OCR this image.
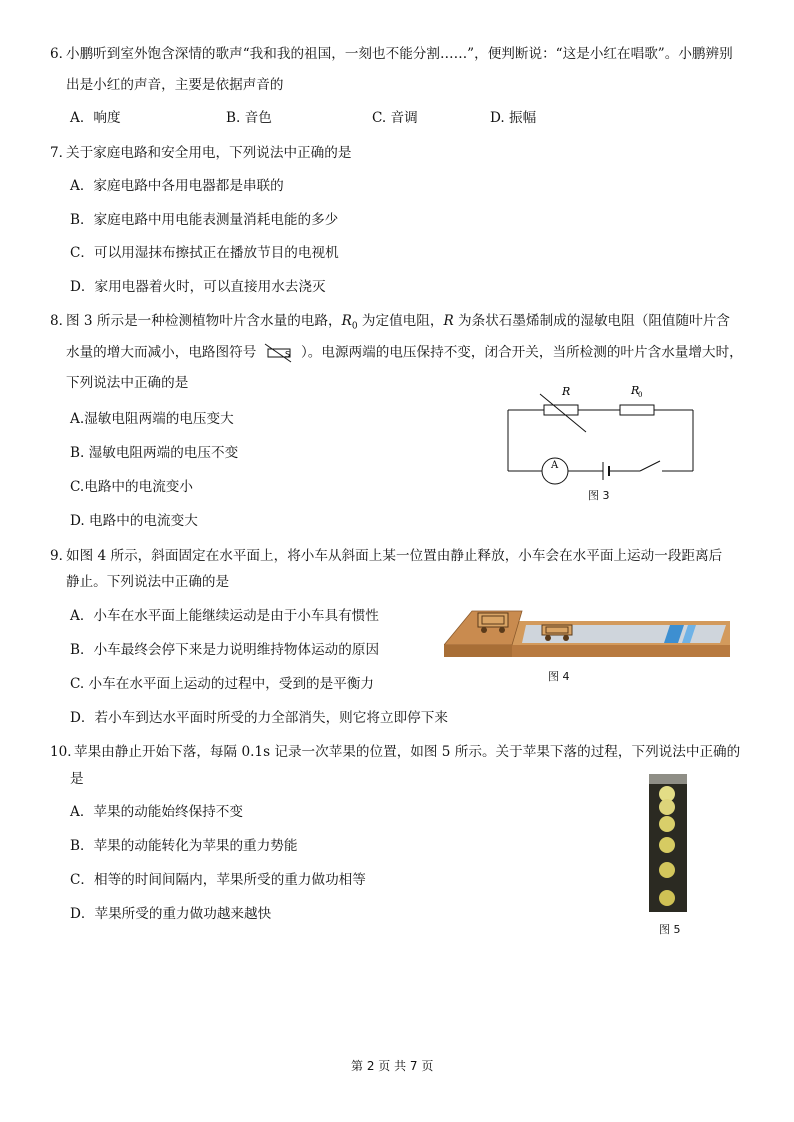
6．
小鹏听到室外饱含深情的歌声“我和我的祖国，一刻也不能分割……”，便判断说：“这是小红在唱歌”。小鹏辨别
出是小红的声音，主要是依据声音的
A．响度	B. 音色	C. 音调	D. 振幅
7．
关于家庭电路和安全用电，下列说法中正确的是
A．家庭电路中各用电器都是串联的
B．家庭电路中用电能表测量消耗电能的多少
C．可以用湿抹布擦拭正在播放节目的电视机
D．家用电器着火时，可以直接用水去浇灭
8．
图 3 所示是一种检测植物叶片含水量的电路，$R_0$ 为定值电阻，R 为条状石墨烯制成的湿敏电阻（阻值随叶片含
水量的增大而减小，电路图符号	S ）。电源两端的电压保持不变，闭合开关，当所检测的叶片含水量增大时，
下列说法中正确的是
A.湿敏电阻两端的电压变大
B. 湿敏电阻两端的电压不变
C.电路中的电流变小
D. 电路中的电流变大
A
R	R
0
图 3
9．
如图 4 所示，斜面固定在水平面上，将小车从斜面上某一位置由静止释放，小车会在水平面上运动一段距离后
静止。下列说法中正确的是
A．小车在水平面上能继续运动是由于小车具有惯性
B．小车最终会停下来是力说明维持物体运动的原因
C. 小车在水平面上运动的过程中，受到的是平衡力
D．若小车到达水平面时所受的力全部消失，则它将立即停下来
图 4
10．
苹果由静止开始下落，每隔 0.1s 记录一次苹果的位置，如图 5 所示。关于苹果下落的过程，下列说法中正确的
是
A．苹果的动能始终保持不变
B．苹果的动能转化为苹果的重力势能
C．相等的时间间隔内，苹果所受的重力做功相等
D．苹果所受的重力做功越来越快
图 5
第 2 页 共 7 页
